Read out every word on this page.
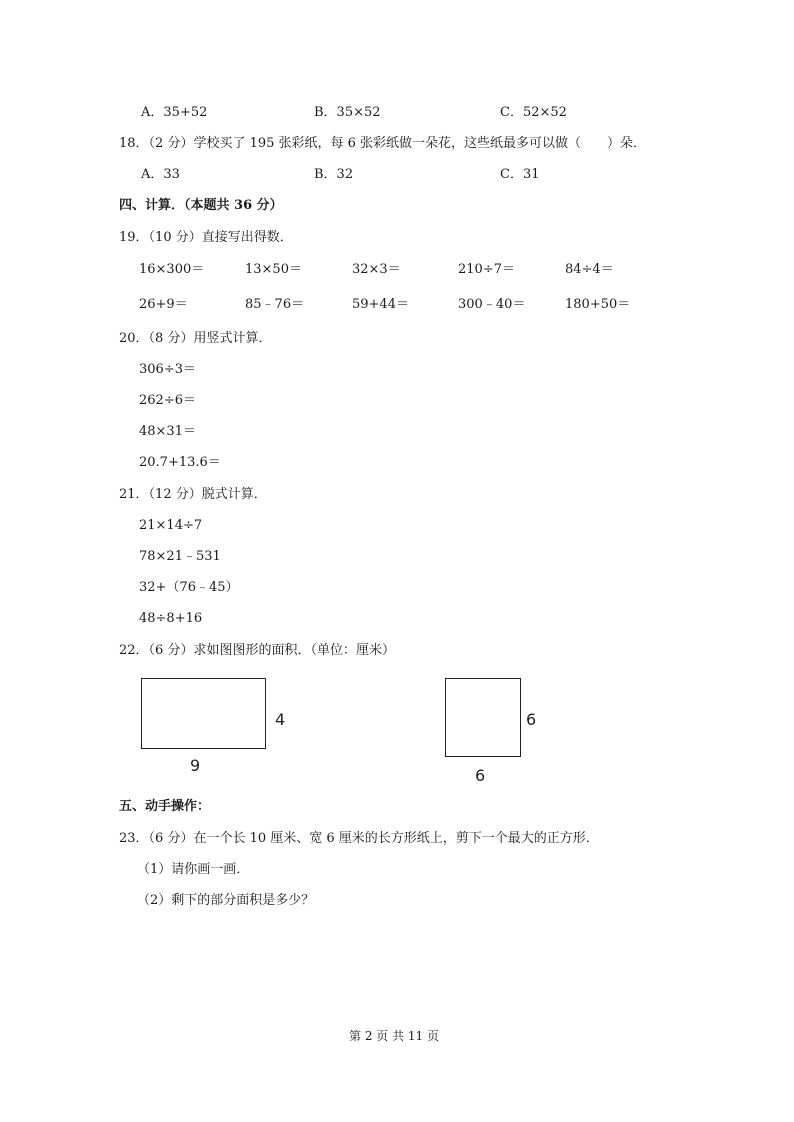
A．35+52	B．35×52	C．52×52
18．（2 分）学校买了 195 张彩纸，每 6 张彩纸做一朵花，这些纸最多可以做（　　）朵．
A．33	B．32	C．31
四、计算．（本题共 36 分）
19．（10 分）直接写出得数．
16×300＝	13×50＝	32×3＝	210÷7＝	84÷4＝
26+9＝	85﹣76＝	59+44＝	300﹣40＝	180+50＝
20．（8 分）用竖式计算．
306÷3＝
262÷6＝
48×31＝
20.7+13.6＝
21．（12 分）脱式计算．
21×14÷7
78×21﹣531
32+（76﹣45）
48÷8+16
22．（6 分）求如图图形的面积．（单位：厘米）
4
9
6
6
五、动手操作：
23．（6 分）在一个长 10 厘米、宽 6 厘米的长方形纸上，剪下一个最大的正方形．
（1）请你画一画．
（2）剩下的部分面积是多少？
第 2 页 共 11 页
